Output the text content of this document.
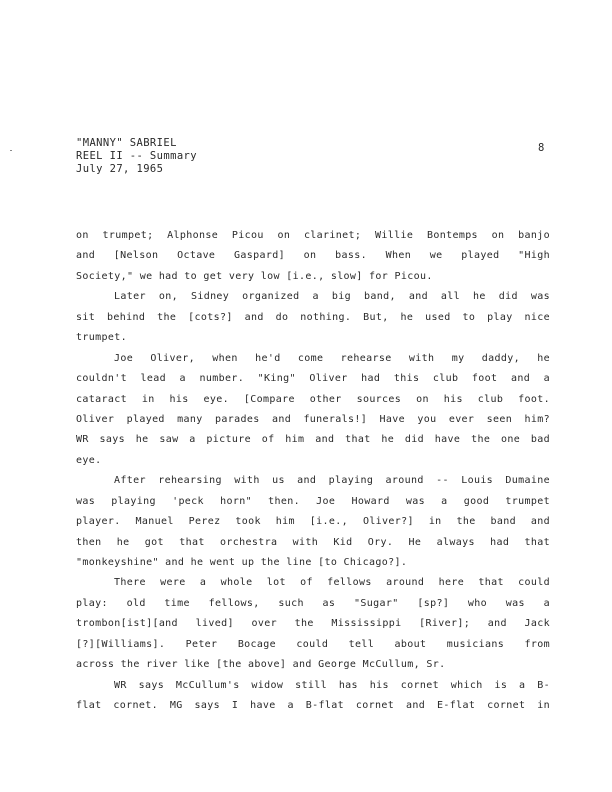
"MANNY" SABRIEL
REEL II -- Summary
July 27, 1965
8
on trumpet; Alphonse Picou on clarinet; Willie Bontemps on banjo
and [Nelson Octave Gaspard] on bass. When we played "High
Society," we had to get very low [i.e., slow] for Picou.
Later on, Sidney organized a big band, and all he did was
sit behind the [cots?] and do nothing. But, he used to play nice
trumpet.
Joe Oliver, when he'd come rehearse with my daddy, he
couldn't lead a number. "King" Oliver had this club foot and a
cataract in his eye. [Compare other sources on his club foot.
Oliver played many parades and funerals!] Have you ever seen him?
WR says he saw a picture of him and that he did have the one bad
eye.
After rehearsing with us and playing around -- Louis Dumaine
was playing 'peck horn" then. Joe Howard was a good trumpet
player. Manuel Perez took him [i.e., Oliver?] in the band and
then he got that orchestra with Kid Ory. He always had that
"monkeyshine" and he went up the line [to Chicago?].
There were a whole lot of fellows around here that could
play: old time fellows, such as "Sugar" [sp?] who was a
trombon[ist][and lived] over the Mississippi [River]; and Jack
[?][Williams]. Peter Bocage could tell about musicians from
across the river like [the above] and George McCullum, Sr.
WR says McCullum's widow still has his cornet which is a B-
flat cornet. MG says I have a B-flat cornet and E-flat cornet in
